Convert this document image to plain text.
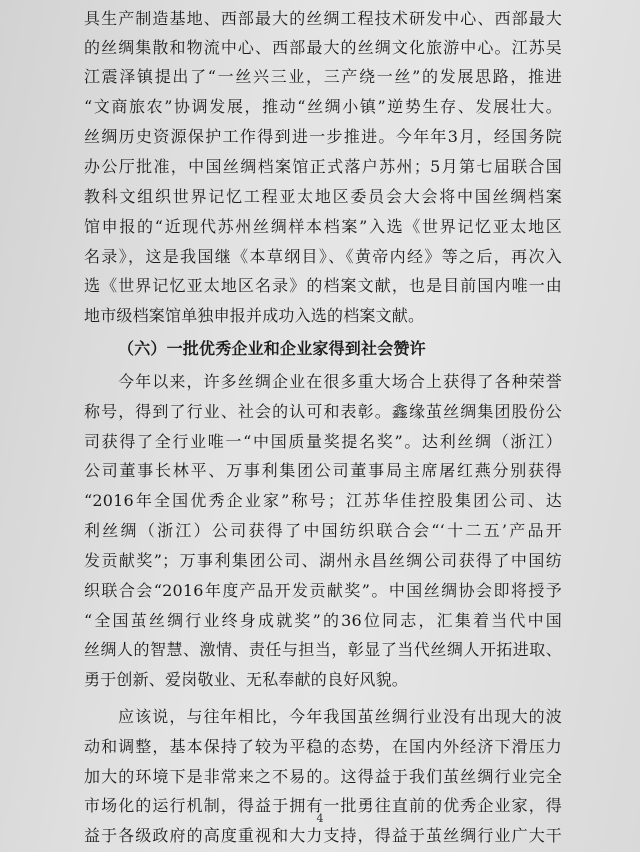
具生产制造基地、西部最大的丝绸工程技术研发中心、西部最大
的丝绸集散和物流中心、西部最大的丝绸文化旅游中心。江苏吴
江震泽镇提出了“一丝兴三业，三产绕一丝”的发展思路，推进
“文商旅农”协调发展，推动“丝绸小镇”逆势生存、发展壮大。
丝绸历史资源保护工作得到进一步推进。今年年3月，经国务院
办公厅批准，中国丝绸档案馆正式落户苏州；5月第七届联合国
教科文组织世界记忆工程亚太地区委员会大会将中国丝绸档案
馆申报的“近现代苏州丝绸样本档案”入选《世界记忆亚太地区
名录》，这是我国继《本草纲目》、《黄帝内经》等之后，再次入
选《世界记忆亚太地区名录》的档案文献，也是目前国内唯一由
地市级档案馆单独申报并成功入选的档案文献。
（六）一批优秀企业和企业家得到社会赞许
今年以来，许多丝绸企业在很多重大场合上获得了各种荣誉
称号，得到了行业、社会的认可和表彰。鑫缘茧丝绸集团股份公
司获得了全行业唯一“中国质量奖提名奖”。达利丝绸（浙江）
公司董事长林平、万事利集团公司董事局主席屠红燕分别获得
“2016年全国优秀企业家”称号；江苏华佳控股集团公司、达
利丝绸（浙江）公司获得了中国纺织联合会“‘十二五’产品开
发贡献奖”；万事利集团公司、湖州永昌丝绸公司获得了中国纺
织联合会“2016年度产品开发贡献奖”。中国丝绸协会即将授予
“全国茧丝绸行业终身成就奖”的36位同志，汇集着当代中国
丝绸人的智慧、激情、责任与担当，彰显了当代丝绸人开拓进取、
勇于创新、爱岗敬业、无私奉献的良好风貌。
应该说，与往年相比，今年我国茧丝绸行业没有出现大的波
动和调整，基本保持了较为平稳的态势，在国内外经济下滑压力
加大的环境下是非常来之不易的。这得益于我们茧丝绸行业完全
市场化的运行机制，得益于拥有一批勇往直前的优秀企业家，得
益于各级政府的高度重视和大力支持，得益于茧丝绸行业广大干
4
